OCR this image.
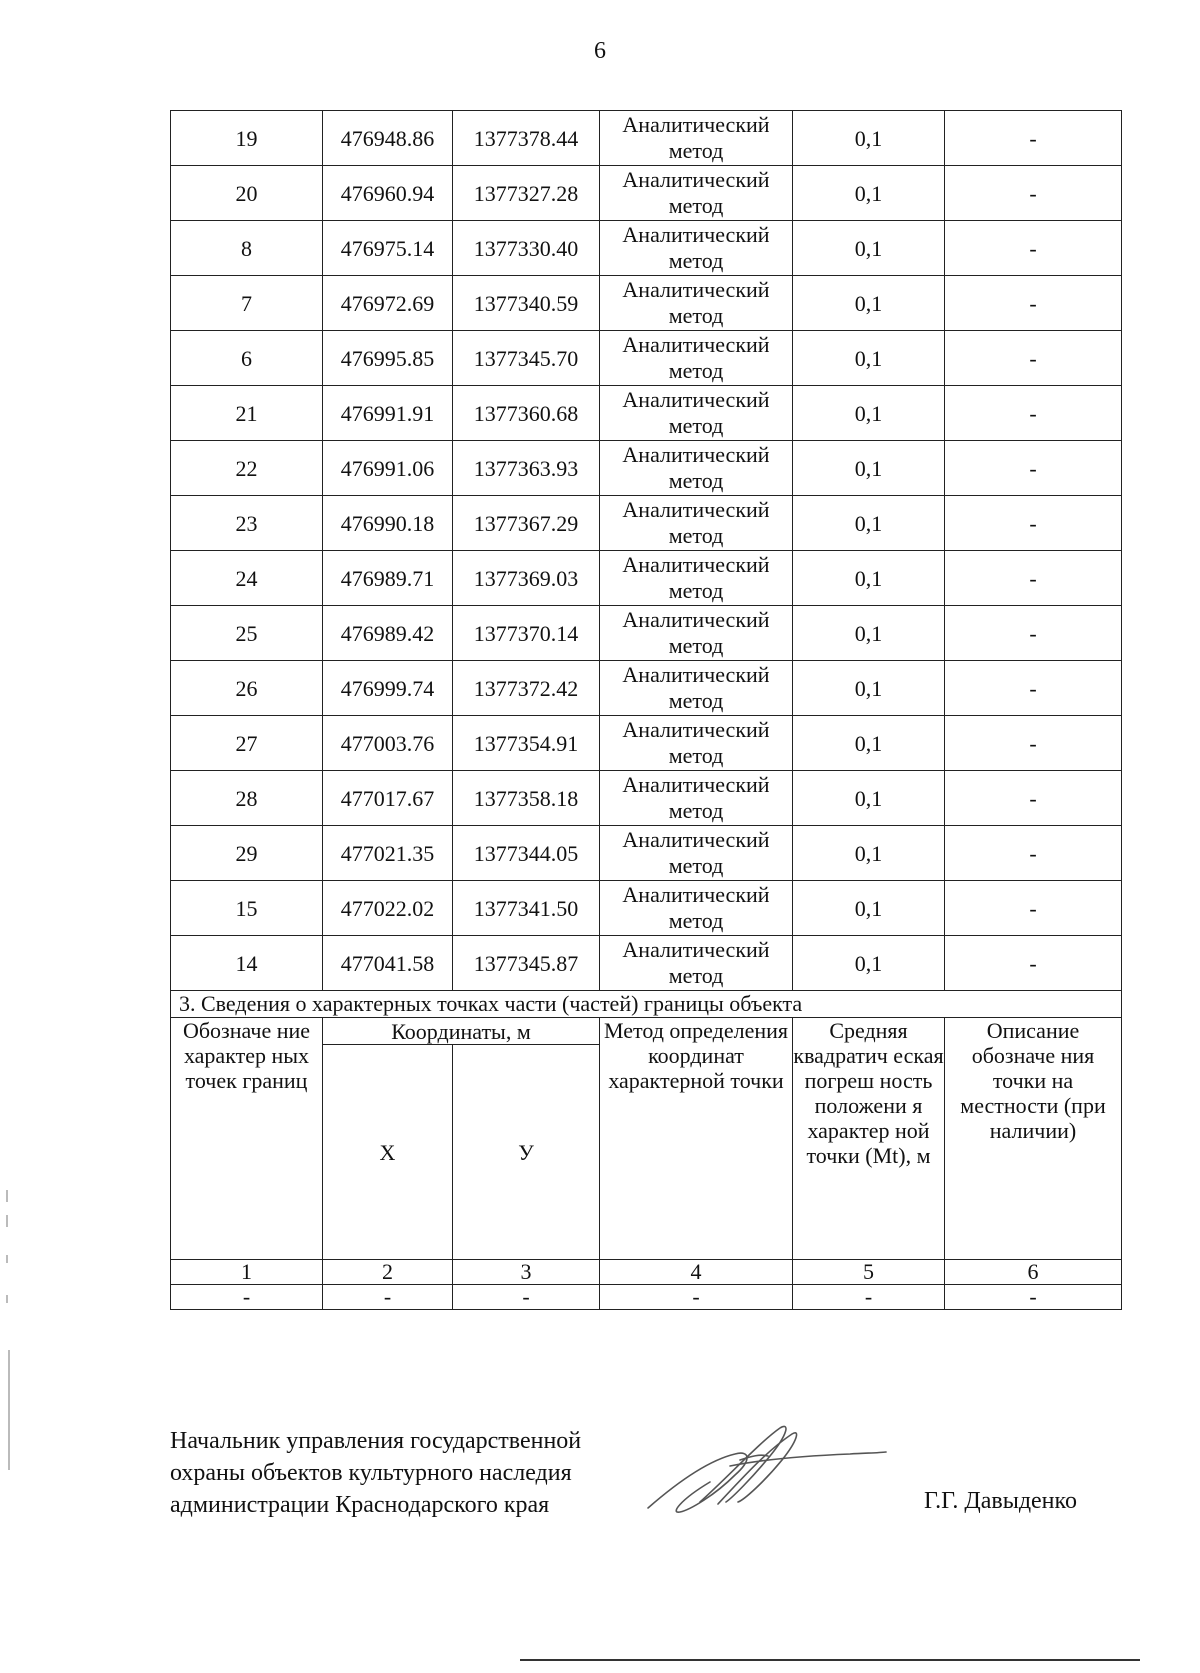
6
19	476948.86	1377378.44	Аналитический метод	0,1	-
20	476960.94	1377327.28	Аналитический метод	0,1	-
8	476975.14	1377330.40	Аналитический метод	0,1	-
7	476972.69	1377340.59	Аналитический метод	0,1	-
6	476995.85	1377345.70	Аналитический метод	0,1	-
21	476991.91	1377360.68	Аналитический метод	0,1	-
22	476991.06	1377363.93	Аналитический метод	0,1	-
23	476990.18	1377367.29	Аналитический метод	0,1	-
24	476989.71	1377369.03	Аналитический метод	0,1	-
25	476989.42	1377370.14	Аналитический метод	0,1	-
26	476999.74	1377372.42	Аналитический метод	0,1	-
27	477003.76	1377354.91	Аналитический метод	0,1	-
28	477017.67	1377358.18	Аналитический метод	0,1	-
29	477021.35	1377344.05	Аналитический метод	0,1	-
15	477022.02	1377341.50	Аналитический метод	0,1	-
14	477041.58	1377345.87	Аналитический метод	0,1	-
3. Сведения о характерных точках части (частей) границы объекта					
Обозначе ние характер ных точек границ	Координаты, м		Метод определения координат характерной точки	Средняя квадратич еская погреш ность положени я характер ной точки (Mt), м	Описание обозначе ния точки на местности (при наличии)
	X	У			
1	2	3	4	5	6
-	-	-	-	-	-
Начальник управления государственной
охраны объектов культурного наследия
администрации Краснодарского края	Г.Г. Давыденко
